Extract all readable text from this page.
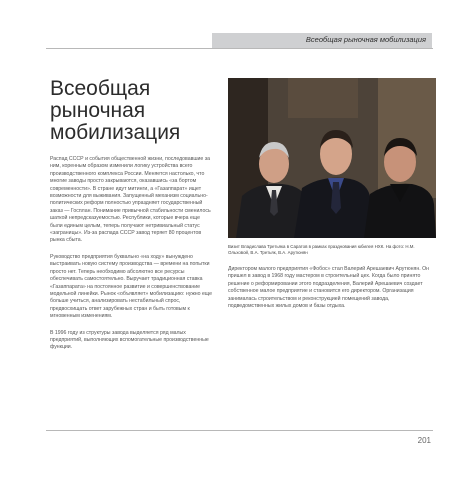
Всеобщая рыночная мобилизация
Всеобщая рыночная мобилизация

Распад СССР и события общественной жизни, последовавшие за ним, коренным образом изменили логику устройства всего производственного комплекса России. Меняется настолько, что многие заводы просто закрываются, оказавшись «за бортом современности». В стране идут митинги, а «Газаппарат» ищет возможности для выживания. Запущенный механизм социально-политических реформ полностью упраздняет государственный заказ — Госплан. Понимание привычной стабильности сменилось шаткой непредсказуемостью. Республики, которые вчера еще были единым целым, теперь получают нетривиальный статус «заграницы». Из-за распада СССР завод теряет 80 процентов рынка сбыта.

Руководство предприятия буквально «на ходу» вынуждено выстраивать новую систему производства — времени на попытки просто нет. Теперь необходимо абсолютно все ресурсы обеспечивать самостоятельно. Выручает традиционная ставка «Газаппарата» на постоянное развитие и совершенствование модельной линейки. Рынок «объявляет» мобилизацию: нужно еще больше учиться, анализировать нестабильный спрос, предвосхищать ответ зарубежных стран и быть готовым к мгновенным изменениям.

В 1996 году из структуры завода выделяется ряд малых предприятий, выполняющих вспомогательные производственные функции.

Визит Владислава Третьяка в Саратов в рамках празднования юбилея НХК. На фото: Н.М. Ольховой, В.А. Третьяк, В.А. Арутюнян

Директором малого предприятия «Фобос» стал Валерий Арешаевич Арутюнян. Он пришел в завод в 1968 году мастером в строительный цех. Когда было принято решение о реформировании этого подразделения, Валерий Арешаевич создает собственное малое предприятие и становится его директором. Организация занималась строительством и реконструкцией помещений завода, подведомственных жилых домов и базы отдыха.

201
